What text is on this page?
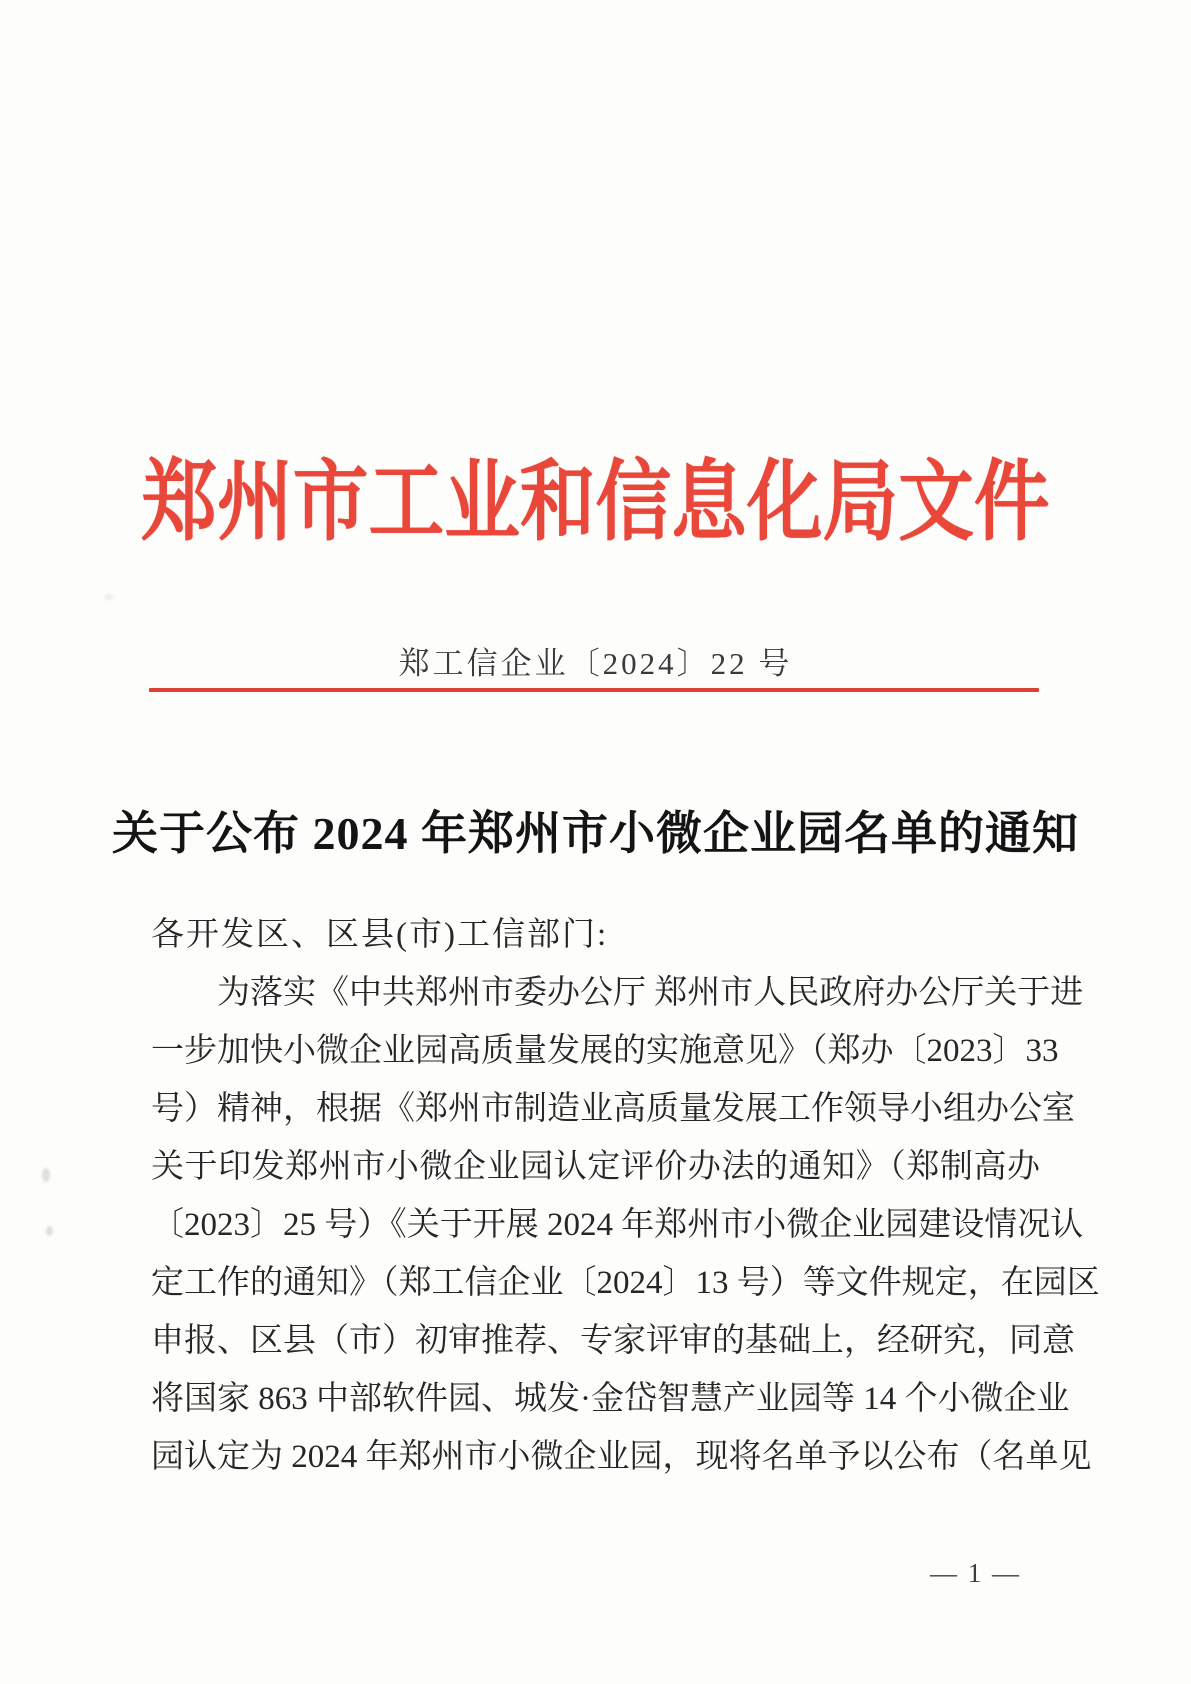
郑州市工业和信息化局文件
郑工信企业〔2024〕22 号
关于公布 2024 年郑州市小微企业园名单的通知
各开发区、区县(市)工信部门:
为落实《中共郑州市委办公厅 郑州市人民政府办公厅关于进
一步加快小微企业园高质量发展的实施意见》（郑办〔2023〕33
号）精神，根据《郑州市制造业高质量发展工作领导小组办公室
关于印发郑州市小微企业园认定评价办法的通知》（郑制高办
〔2023〕25 号）《关于开展 2024 年郑州市小微企业园建设情况认
定工作的通知》（郑工信企业〔2024〕13 号）等文件规定，在园区
申报、区县（市）初审推荐、专家评审的基础上，经研究，同意
将国家 863 中部软件园、城发·金岱智慧产业园等 14 个小微企业
园认定为 2024 年郑州市小微企业园，现将名单予以公布（名单见
— 1 —
